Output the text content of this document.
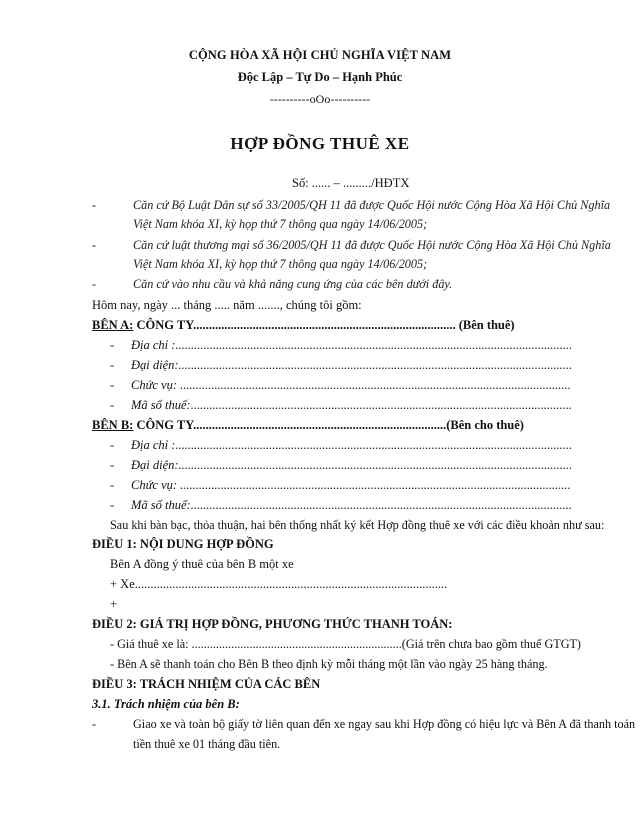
CỘNG HÒA XÃ HỘI CHỦ NGHĨA VIỆT NAM
Độc Lập – Tự Do – Hạnh Phúc
----------oOo----------
HỢP ĐỒNG THUÊ XE
Số: ...... – ........./HĐTX
-	Căn cứ Bộ Luật Dân sự số 33/2005/QH 11 đã được Quốc Hội nước Cộng Hòa Xã Hội Chủ Nghĩa
Việt Nam khóa XI, kỳ họp thứ 7 thông qua ngày 14/06/2005;
-	Căn cứ luật thương mại số 36/2005/QH 11 đã được Quốc Hội nước Cộng Hòa Xã Hội Chủ Nghĩa
Việt Nam khóa XI, kỳ họp thứ 7 thông qua ngày 14/06/2005;
-	Căn cứ vào nhu cầu và khả năng cung ứng của các bên dưới đây.
Hôm nay, ngày ... tháng ..... năm ......., chúng tôi gồm:
BÊN A: CÔNG TY.................................................................................... (Bên thuê)
- Địa chỉ :...............................................................................................................................
- Đại diện:..............................................................................................................................
- Chức vụ: .............................................................................................................................
- Mã số thuế:..........................................................................................................................
BÊN B: CÔNG TY.................................................................................(Bên cho thuê)
- Địa chỉ :...............................................................................................................................
- Đại diện:..............................................................................................................................
- Chức vụ: .............................................................................................................................
- Mã số thuế:..........................................................................................................................
Sau khi bàn bạc, thỏa thuận, hai bên thống nhất ký kết Hợp đồng thuê xe với các điều khoản như sau:
ĐIỀU 1: NỘI DUNG HỢP ĐỒNG
Bên A đồng ý thuê của bên B một xe
+ Xe....................................................................................................
+
ĐIỀU 2: GIÁ TRỊ HỢP ĐỒNG, PHƯƠNG THỨC THANH TOÁN:
- Giá thuê xe là: .....................................................................(Giá trên chưa bao gồm thuế GTGT)
- Bên A sẽ thanh toán cho Bên B theo định kỳ mỗi tháng một lần vào ngày 25 hàng tháng.
ĐIỀU 3: TRÁCH NHIỆM CỦA CÁC BÊN
3.1. Trách nhiệm của bên B:
-	Giao xe và toàn bộ giấy tờ liên quan đến xe ngay sau khi Hợp đồng có hiệu lực và Bên A đã thanh toán
tiền thuê xe 01 tháng đầu tiên.
